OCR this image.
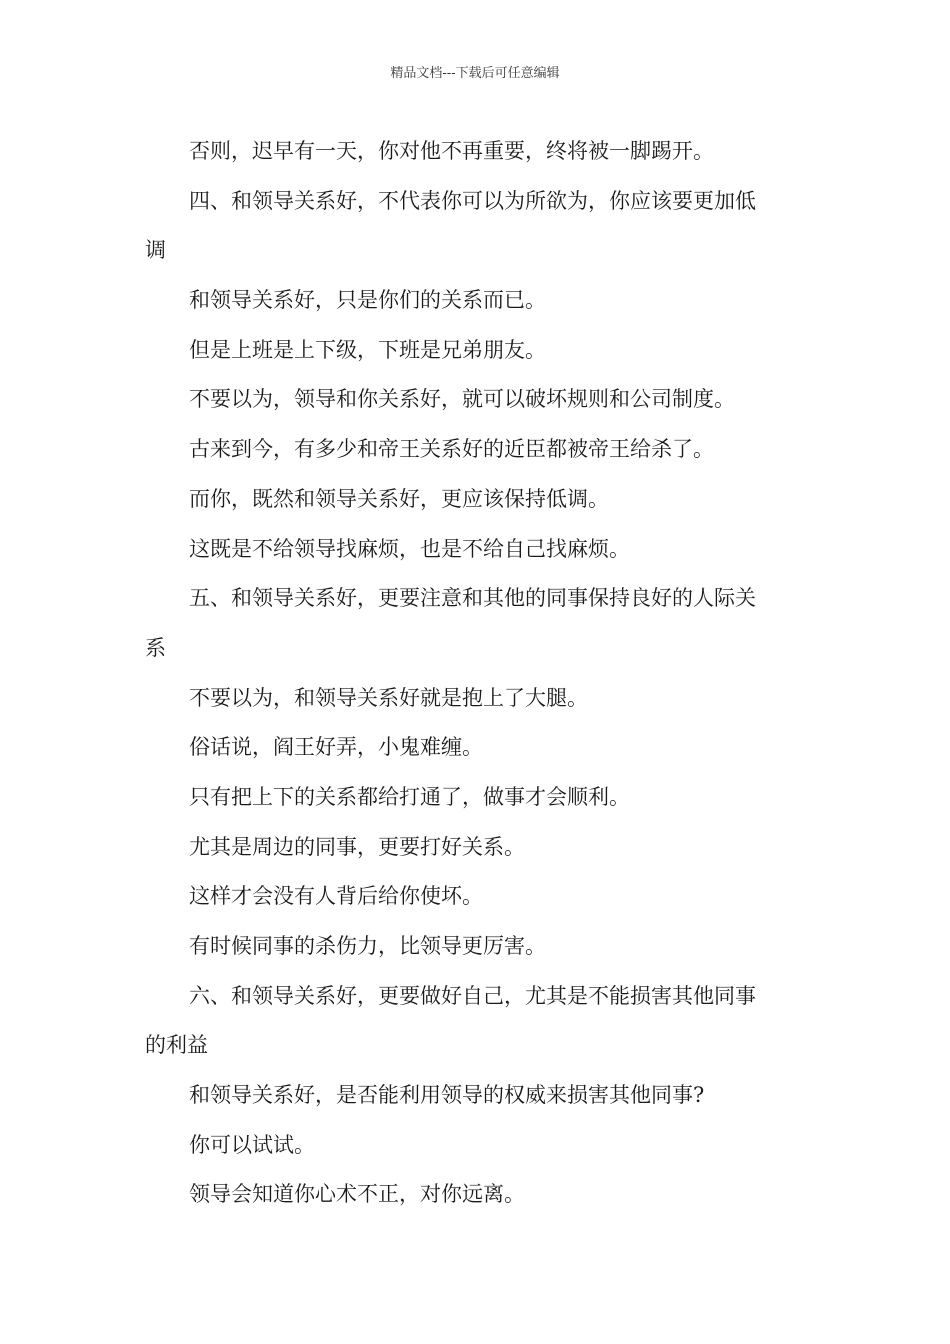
精品文档---下载后可任意编辑
否则，迟早有一天，你对他不再重要，终将被一脚踢开。
四、和领导关系好，不代表你可以为所欲为，你应该要更加低
调
和领导关系好，只是你们的关系而已。
但是上班是上下级，下班是兄弟朋友。
不要以为，领导和你关系好，就可以破坏规则和公司制度。
古来到今，有多少和帝王关系好的近臣都被帝王给杀了。
而你，既然和领导关系好，更应该保持低调。
这既是不给领导找麻烦，也是不给自己找麻烦。
五、和领导关系好，更要注意和其他的同事保持良好的人际关
系
不要以为，和领导关系好就是抱上了大腿。
俗话说，阎王好弄，小鬼难缠。
只有把上下的关系都给打通了，做事才会顺利。
尤其是周边的同事，更要打好关系。
这样才会没有人背后给你使坏。
有时候同事的杀伤力，比领导更厉害。
六、和领导关系好，更要做好自己，尤其是不能损害其他同事
的利益
和领导关系好，是否能利用领导的权威来损害其他同事?
你可以试试。
领导会知道你心术不正，对你远离。
